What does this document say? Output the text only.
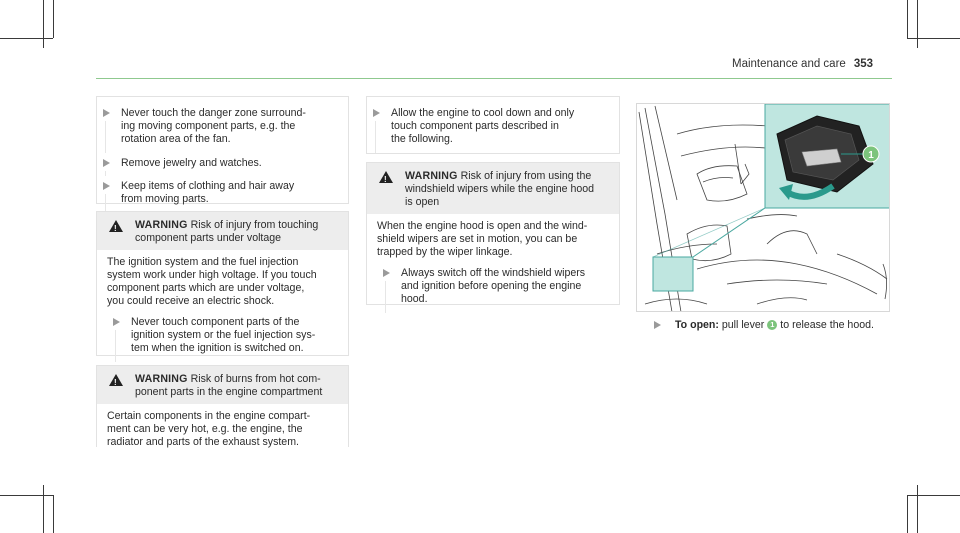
Maintenance and care 353
Never touch the danger zone surround-
ing moving component parts, e.g. the
rotation area of the fan.
Remove jewelry and watches.
Keep items of clothing and hair away
from moving parts.
!
WARNING Risk of injury from touching
component parts under voltage

The ignition system and the fuel injection
system work under high voltage. If you touch
component parts which are under voltage,
you could receive an electric shock.

Never touch component parts of the
ignition system or the fuel injection sys-
tem when the ignition is switched on.
!
WARNING Risk of burns from hot com-
ponent parts in the engine compartment

Certain components in the engine compart-
ment can be very hot, e.g. the engine, the
radiator and parts of the exhaust system.

Allow the engine to cool down and only
touch component parts described in
the following.
!
WARNING Risk of injury from using the
windshield wipers while the engine hood
is open

When the engine hood is open and the wind-
shield wipers are set in motion, you can be
trapped by the wiper linkage.

Always switch off the windshield wipers
and ignition before opening the engine
hood.
1
To open: pull lever 1 to release the hood.
